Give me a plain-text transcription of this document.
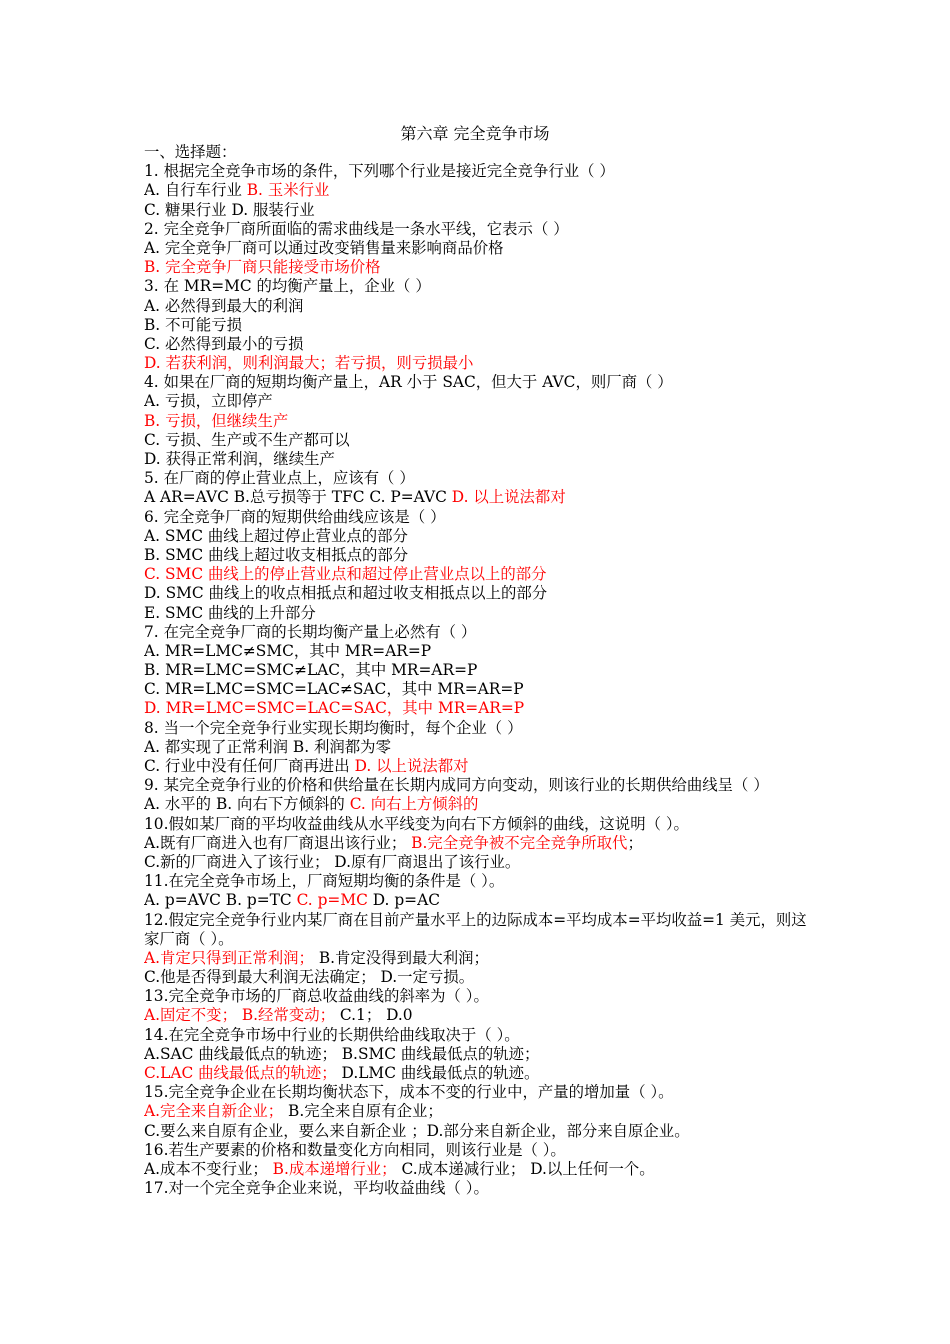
第六章 完全竞争市场
一、选择题：
1. 根据完全竞争市场的条件，下列哪个行业是接近完全竞争行业（ ）
A. 自行车行业 B. 玉米行业
C. 糖果行业 D. 服装行业
2. 完全竞争厂商所面临的需求曲线是一条水平线，它表示（ ）
A. 完全竞争厂商可以通过改变销售量来影响商品价格
B. 完全竞争厂商只能接受市场价格
3. 在 MR=MC 的均衡产量上，企业（ ）
A. 必然得到最大的利润
B. 不可能亏损
C. 必然得到最小的亏损
D. 若获利润，则利润最大；若亏损，则亏损最小
4. 如果在厂商的短期均衡产量上，AR 小于 SAC，但大于 AVC，则厂商（ ）
A. 亏损，立即停产
B. 亏损，但继续生产
C. 亏损、生产或不生产都可以
D. 获得正常利润，继续生产
5. 在厂商的停止营业点上，应该有（ ）
A AR=AVC B.总亏损等于 TFC C. P=AVC D. 以上说法都对
6. 完全竞争厂商的短期供给曲线应该是（ ）
A. SMC 曲线上超过停止营业点的部分
B. SMC 曲线上超过收支相抵点的部分
C. SMC 曲线上的停止营业点和超过停止营业点以上的部分
D. SMC 曲线上的收点相抵点和超过收支相抵点以上的部分
E. SMC 曲线的上升部分
7. 在完全竞争厂商的长期均衡产量上必然有（ ）
A. MR=LMC≠SMC，其中 MR=AR=P
B. MR=LMC=SMC≠LAC，其中 MR=AR=P
C. MR=LMC=SMC=LAC≠SAC，其中 MR=AR=P
D. MR=LMC=SMC=LAC=SAC，其中 MR=AR=P
8. 当一个完全竞争行业实现长期均衡时，每个企业（ ）
A. 都实现了正常利润 B. 利润都为零
C. 行业中没有任何厂商再进出 D. 以上说法都对
9. 某完全竞争行业的价格和供给量在长期内成同方向变动，则该行业的长期供给曲线呈（ ）
A. 水平的 B. 向右下方倾斜的 C. 向右上方倾斜的
10.假如某厂商的平均收益曲线从水平线变为向右下方倾斜的曲线，这说明（ ）。
A.既有厂商进入也有厂商退出该行业； B.完全竞争被不完全竞争所取代；
C.新的厂商进入了该行业； D.原有厂商退出了该行业。
11.在完全竞争市场上，厂商短期均衡的条件是（ ）。
A. p=AVC B. p=TC C. p=MC D. p=AC
12.假定完全竞争行业内某厂商在目前产量水平上的边际成本=平均成本=平均收益=1 美元，则这家厂商（ ）。
A.肯定只得到正常利润； B.肯定没得到最大利润；
C.他是否得到最大利润无法确定； D.一定亏损。
13.完全竞争市场的厂商总收益曲线的斜率为（ ）。
A.固定不变； B.经常变动； C.1； D.0
14.在完全竞争市场中行业的长期供给曲线取决于（ ）。
A.SAC 曲线最低点的轨迹； B.SMC 曲线最低点的轨迹；
C.LAC 曲线最低点的轨迹； D.LMC 曲线最低点的轨迹。
15.完全竞争企业在长期均衡状态下，成本不变的行业中，产量的增加量（ ）。
A.完全来自新企业； B.完全来自原有企业；
C.要么来自原有企业，要么来自新企业 ；D.部分来自新企业，部分来自原企业。
16.若生产要素的价格和数量变化方向相同，则该行业是（ ）。
A.成本不变行业； B.成本递增行业； C.成本递减行业； D.以上任何一个。
17.对一个完全竞争企业来说，平均收益曲线（ ）。
